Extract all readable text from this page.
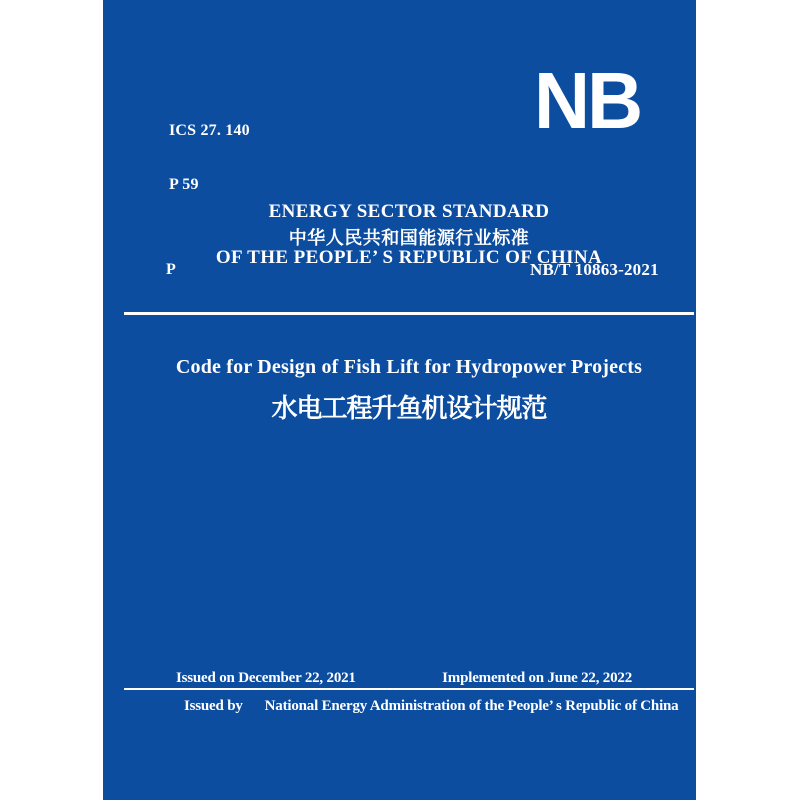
ICS 27. 140

P 59

NB

ENERGY SECTOR STANDARD

OF THE PEOPLE’ S REPUBLIC OF CHINA

中华人民共和国能源行业标准
P	NB/T 10863-2021
Code for Design of Fish Lift for Hydropower Projects
水电工程升鱼机设计规范
Issued on December 22, 2021	Implemented on June 22, 2022
Issued by National Energy Administration of the People’ s Republic of China
